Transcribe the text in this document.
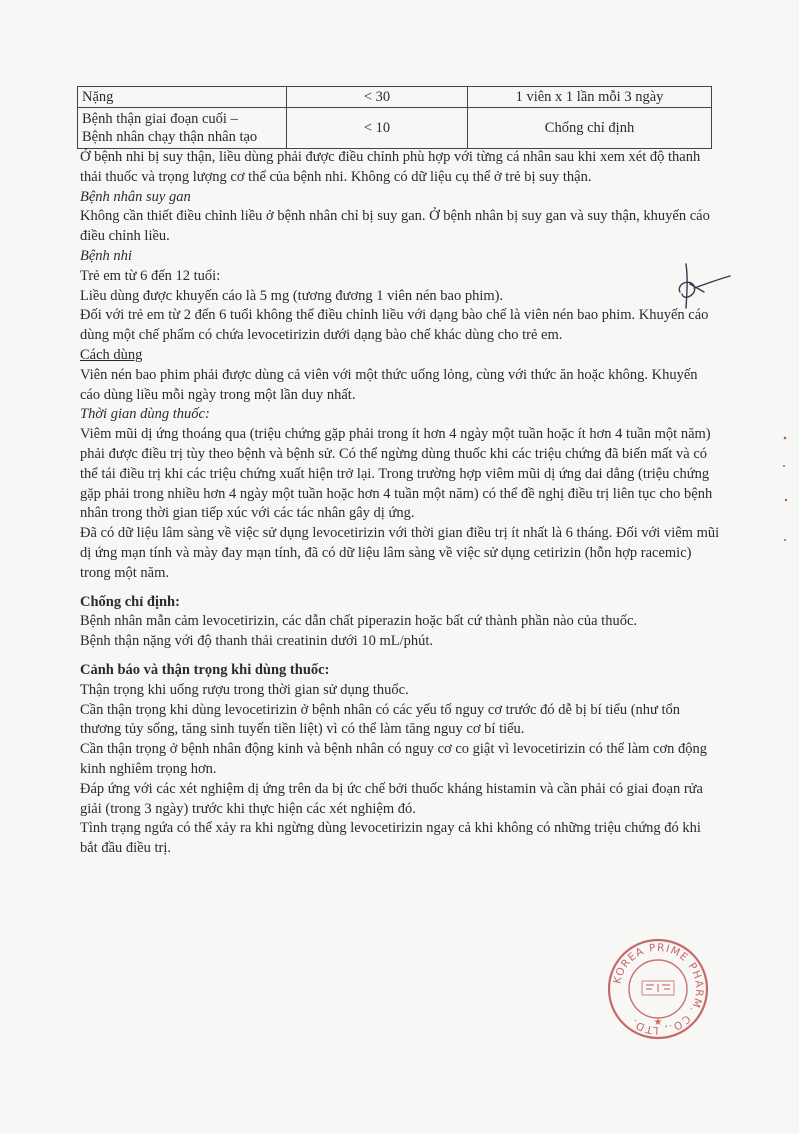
Nặng	< 30	1 viên x 1 lần mỗi 3 ngày
Bệnh thận giai đoạn cuối –
Bệnh nhân chạy thận nhân tạo	< 10	Chống chỉ định

Ở bệnh nhi bị suy thận, liều dùng phải được điều chỉnh phù hợp với từng cá nhân sau khi xem xét độ thanh thải thuốc và trọng lượng cơ thể của bệnh nhi. Không có dữ liệu cụ thể ở trẻ bị suy thận.

Bệnh nhân suy gan

Không cần thiết điều chỉnh liều ở bệnh nhân chỉ bị suy gan. Ở bệnh nhân bị suy gan và suy thận, khuyến cáo điều chỉnh liều.

Bệnh nhi

Trẻ em từ 6 đến 12 tuổi:

Liều dùng được khuyến cáo là 5 mg (tương đương 1 viên nén bao phim).

Đối với trẻ em từ 2 đến 6 tuổi không thể điều chỉnh liều với dạng bào chế là viên nén bao phim. Khuyến cáo dùng một chế phẩm có chứa levocetirizin dưới dạng bào chế khác dùng cho trẻ em.

Cách dùng

Viên nén bao phim phải được dùng cả viên với một thức uống lỏng, cùng với thức ăn hoặc không. Khuyến cáo dùng liều mỗi ngày trong một lần duy nhất.

Thời gian dùng thuốc:

Viêm mũi dị ứng thoáng qua (triệu chứng gặp phải trong ít hơn 4 ngày một tuần hoặc ít hơn 4 tuần một năm) phải được điều trị tùy theo bệnh và bệnh sử. Có thể ngừng dùng thuốc khi các triệu chứng đã biến mất và có thể tái điều trị khi các triệu chứng xuất hiện trở lại. Trong trường hợp viêm mũi dị ứng dai dẳng (triệu chứng gặp phải trong nhiều hơn 4 ngày một tuần hoặc hơn 4 tuần một năm) có thể đề nghị điều trị liên tục cho bệnh nhân trong thời gian tiếp xúc với các tác nhân gây dị ứng.

Đã có dữ liệu lâm sàng về việc sử dụng levocetirizin với thời gian điều trị ít nhất là 6 tháng. Đối với viêm mũi dị ứng mạn tính và mày đay mạn tính, đã có dữ liệu lâm sàng về việc sử dụng cetirizin (hỗn hợp racemic) trong một năm.

Chống chỉ định:

Bệnh nhân mẫn cảm levocetirizin, các dẫn chất piperazin hoặc bất cứ thành phần nào của thuốc.

Bệnh thận nặng với độ thanh thải creatinin dưới 10 mL/phút.

Cảnh báo và thận trọng khi dùng thuốc:

Thận trọng khi uống rượu trong thời gian sử dụng thuốc.

Cần thận trọng khi dùng levocetirizin ở bệnh nhân có các yếu tố nguy cơ trước đó dễ bị bí tiểu (như tổn thương tủy sống, tăng sinh tuyến tiền liệt) vì có thể làm tăng nguy cơ bí tiểu.

Cần thận trọng ở bệnh nhân động kinh và bệnh nhân có nguy cơ co giật vì levocetirizin có thể làm cơn động kinh nghiêm trọng hơn.

Đáp ứng với các xét nghiệm dị ứng trên da bị ức chế bởi thuốc kháng histamin và cần phải có giai đoạn rửa giải (trong 3 ngày) trước khi thực hiện các xét nghiệm đó.

Tình trạng ngứa có thể xảy ra khi ngừng dùng levocetirizin ngay cả khi không có những triệu chứng đó khi bắt đầu điều trị.

KOREA PRIME PHARM. CO., LTD.	★
